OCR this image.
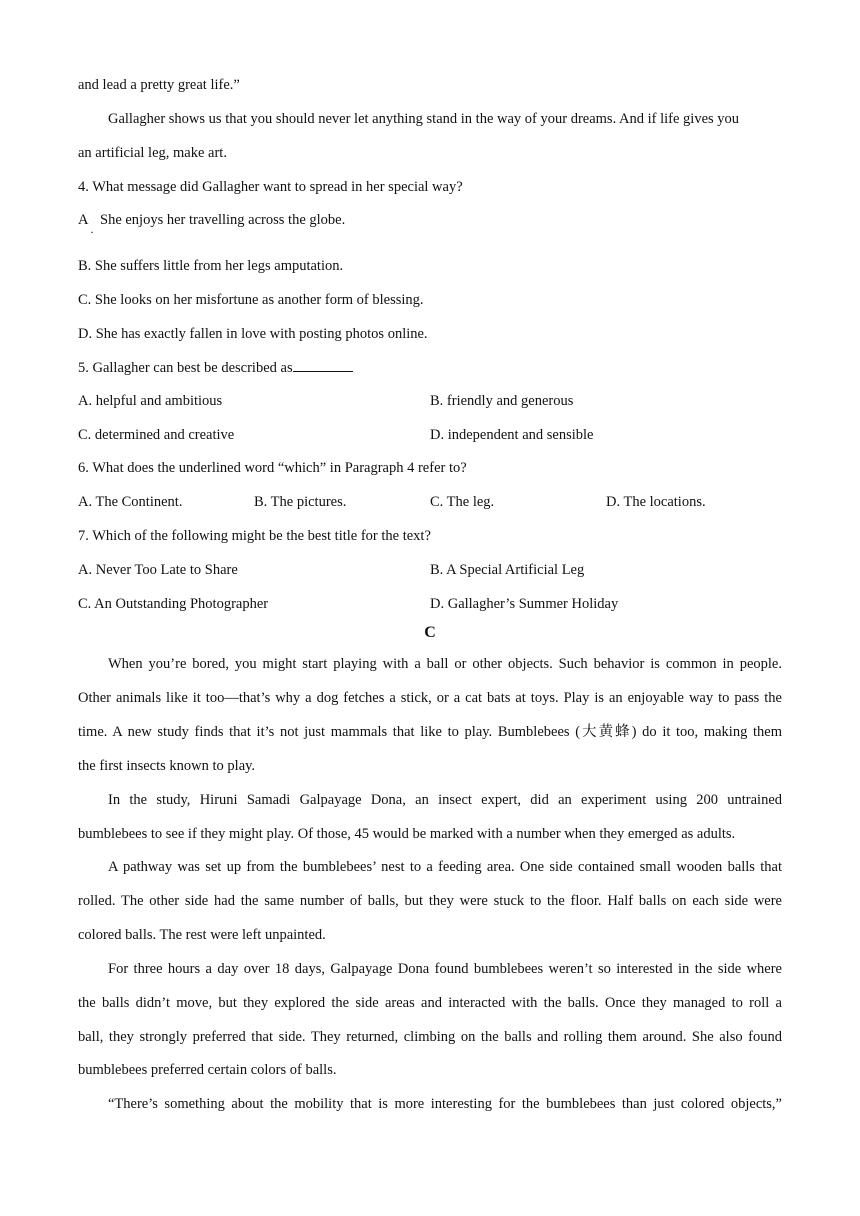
and lead a pretty great life.”
Gallagher shows us that you should never let anything stand in the way of your dreams. And if life gives you
an artificial leg, make art.
4. What message did Gallagher want to spread in her special way?
A She enjoys her travelling across the globe.
·
B. She suffers little from her legs amputation.
C. She looks on her misfortune as another form of blessing.
D. She has exactly fallen in love with posting photos online.
5. Gallagher can best be described as
A. helpful and ambitious	B. friendly and generous
C. determined and creative	D. independent and sensible
6. What does the underlined word “which” in Paragraph 4 refer to?
A. The Continent.	B. The pictures.	C. The leg.	D. The locations.
7. Which of the following might be the best title for the text?
A. Never Too Late to Share	B. A Special Artificial Leg
C. An Outstanding Photographer	D. Gallagher’s Summer Holiday
C
When you’re bored, you might start playing with a ball or other objects. Such behavior is common in people.
Other animals like it too—that’s why a dog fetches a stick, or a cat bats at toys. Play is an enjoyable way to pass the
time. A new study finds that it’s not just mammals that like to play. Bumblebees (大黄蜂) do it too, making them
the first insects known to play.
In the study, Hiruni Samadi Galpayage Dona, an insect expert, did an experiment using 200 untrained
bumblebees to see if they might play. Of those, 45 would be marked with a number when they emerged as adults.
A pathway was set up from the bumblebees’ nest to a feeding area. One side contained small wooden balls that
rolled. The other side had the same number of balls, but they were stuck to the floor. Half balls on each side were
colored balls. The rest were left unpainted.
For three hours a day over 18 days, Galpayage Dona found bumblebees weren’t so interested in the side where
the balls didn’t move, but they explored the side areas and interacted with the balls. Once they managed to roll a
ball, they strongly preferred that side. They returned, climbing on the balls and rolling them around. She also found
bumblebees preferred certain colors of balls.
“There’s something about the mobility that is more interesting for the bumblebees than just colored objects,”
